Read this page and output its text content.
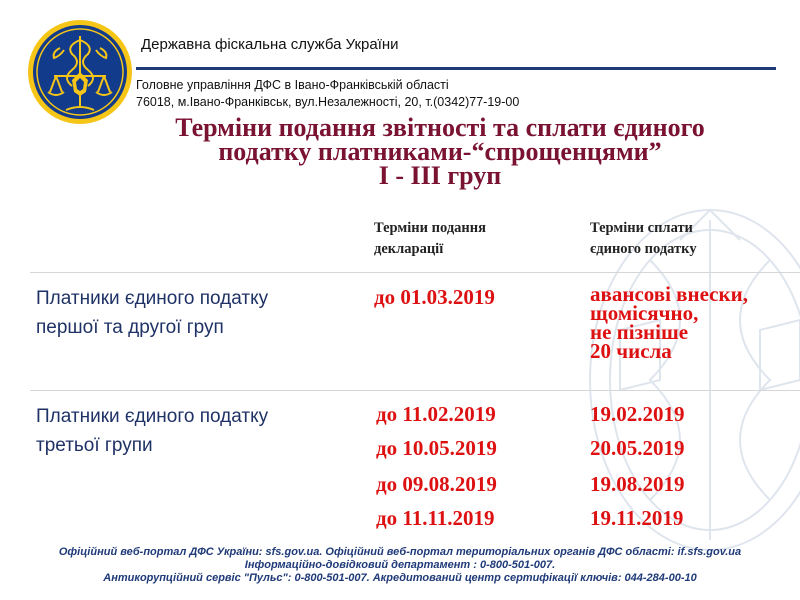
Державна фіскальна служба України
Головне управління ДФС в Івано-Франківській області
76018, м.Івано-Франківськ, вул.Незалежності, 20, т.(0342)77-19-00
Терміни подання звітності та сплати єдиного
податку платниками-“спрощенцями”
І - ІІІ груп
Терміни подання
декларації
Терміни сплати
єдиного податку
Платники єдиного податку
першої та другої груп
до 01.03.2019	авансові внески,
щомісячно,
не пізніше
20 числа
Платники єдиного податку
третьої групи
до 11.02.2019
до 10.05.2019
до 09.08.2019
до 11.11.2019
19.02.2019
20.05.2019
19.08.2019
19.11.2019
Офіційний веб-портал ДФС України: sfs.gov.ua. Офіційний веб-портал територіальних органів ДФС області: if.sfs.gov.ua
Інформаційно-довідковий департамент : 0-800-501-007.
Антикорупційний сервіс "Пульс": 0-800-501-007. Акредитований центр сертифікації ключів: 044-284-00-10
